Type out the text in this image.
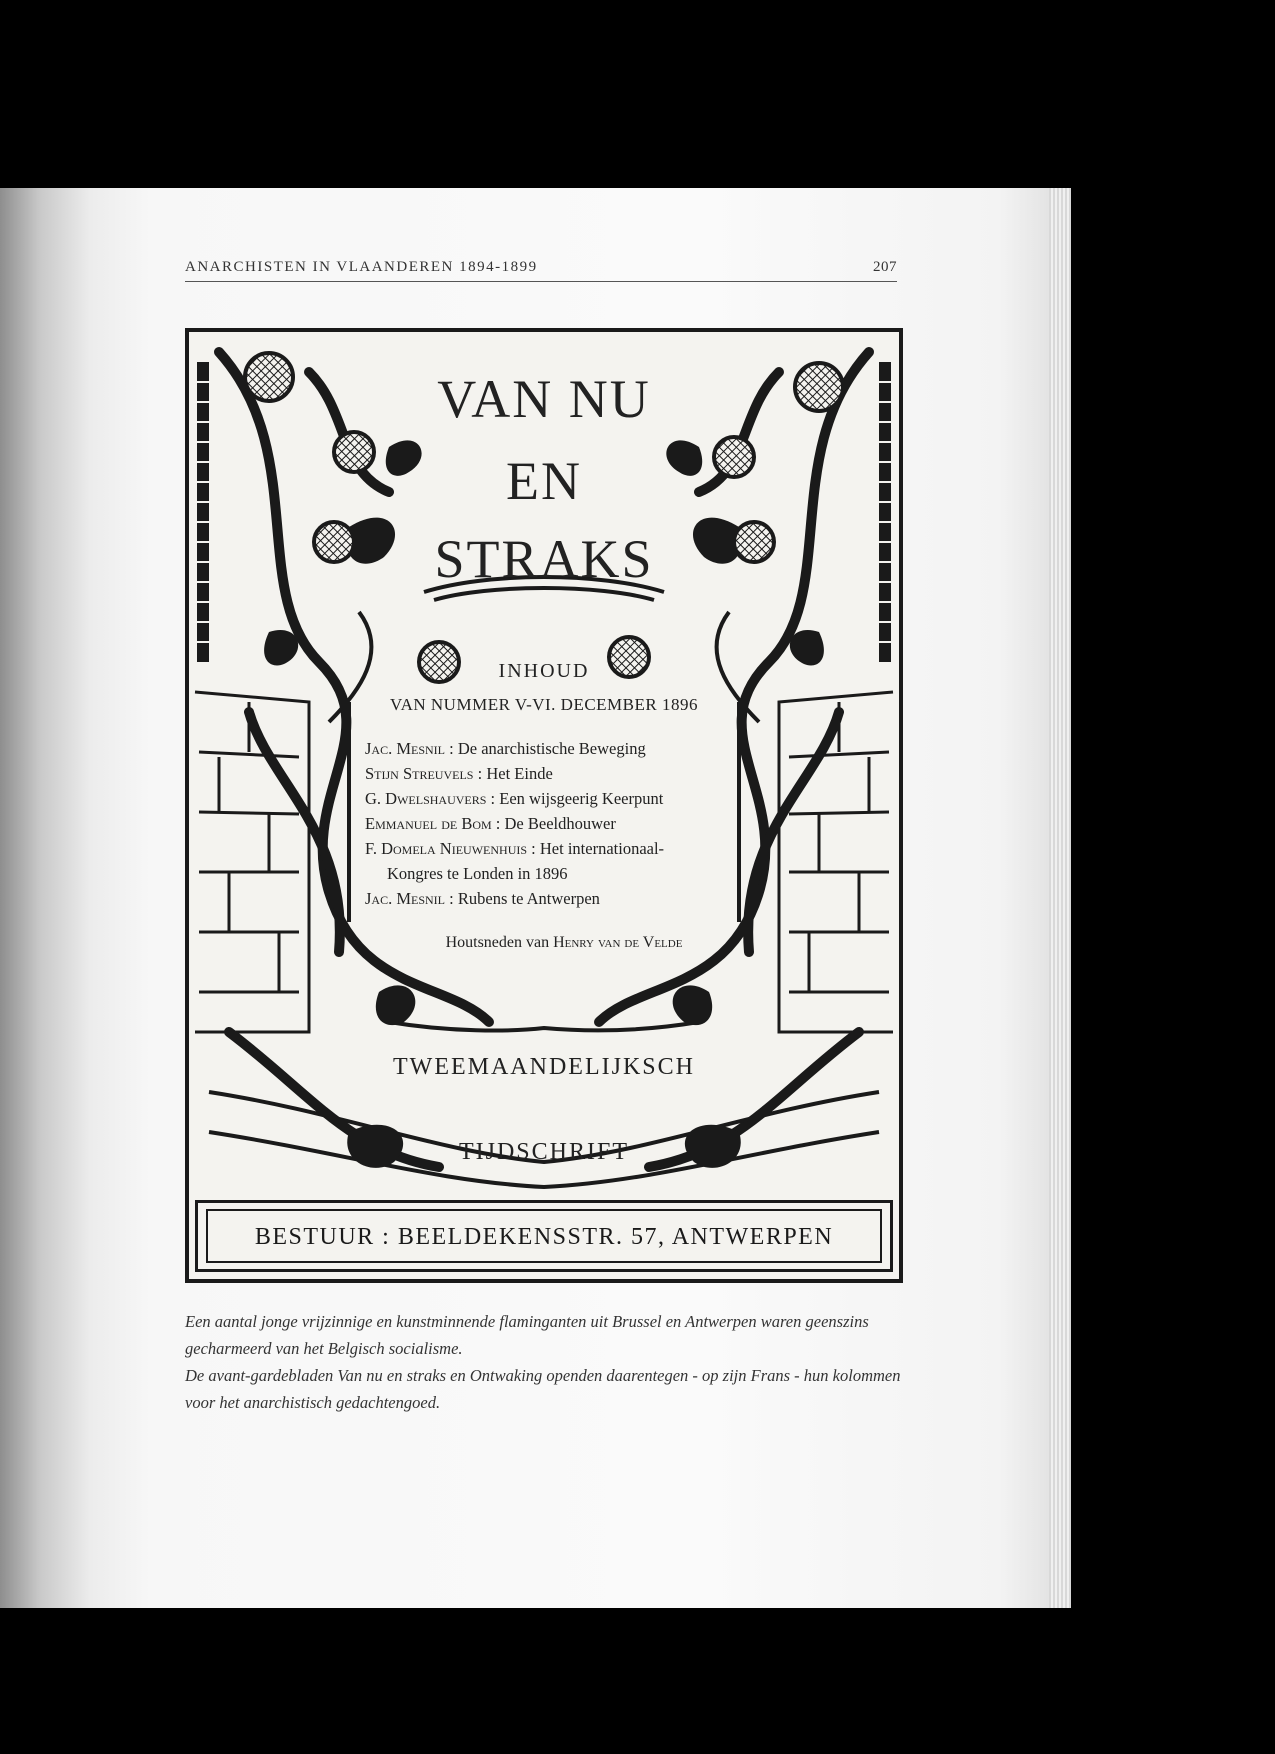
ANARCHISTEN IN VLAANDEREN 1894-1899	207
VAN NU
EN
STRAKS
INHOUD
VAN NUMMER V-VI. DECEMBER 1896
Jac. Mesnil : De anarchistische Beweging
Stijn Streuvels : Het Einde
G. Dwelshauvers : Een wijsgeerig Keerpunt
Emmanuel de Bom : De Beeldhouwer
F. Domela Nieuwenhuis : Het internationaal-
Kongres te Londen in 1896
Jac. Mesnil : Rubens te Antwerpen
Houtsneden van Henry van de Velde
TWEEMAANDELIJKSCH
TIJDSCHRIFT
BESTUUR : BEELDEKENSSTR. 57, ANTWERPEN

Een aantal jonge vrijzinnige en kunstminnende flaminganten uit Brussel en Antwerpen waren geenszins gecharmeerd van het Belgisch socialisme.

De avant-gardebladen Van nu en straks en Ontwaking openden daarentegen - op zijn Frans - hun kolommen voor het anarchistisch gedachtengoed.
